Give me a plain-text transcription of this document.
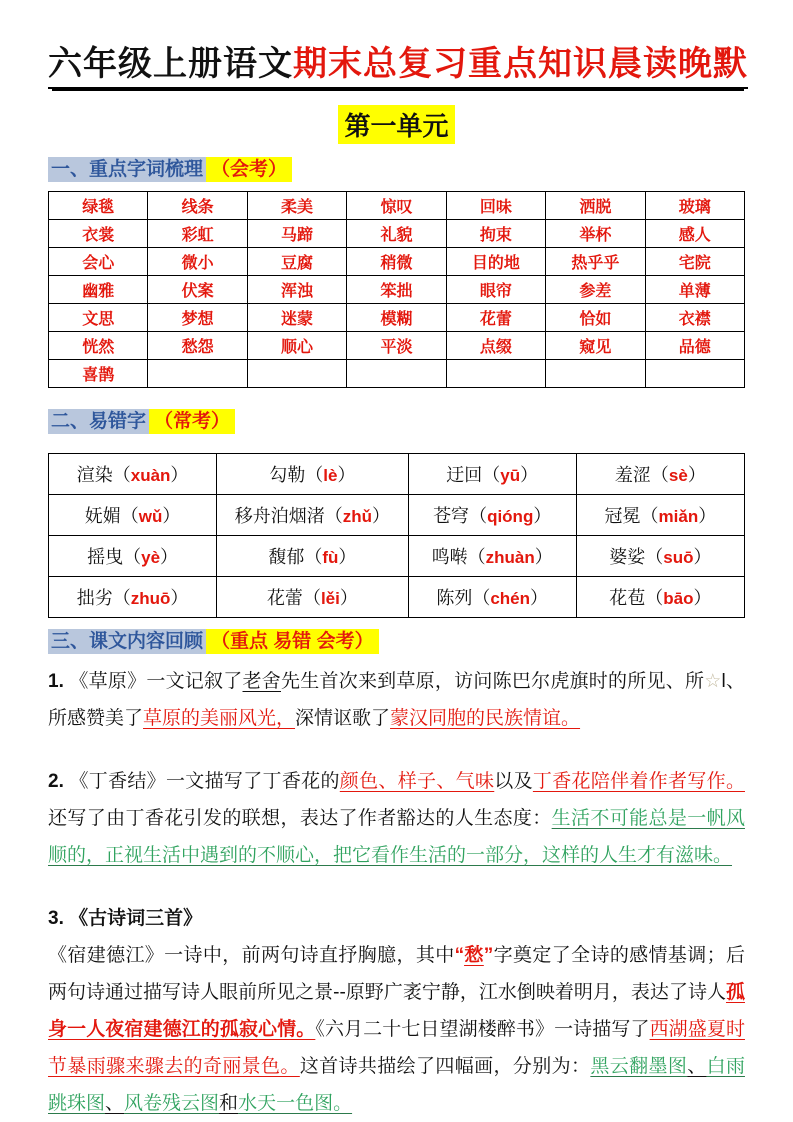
六年级上册语文期末总复习重点知识晨读晚默
第一单元
一、重点字词梳理 （会考）
绿毯	线条	柔美	惊叹	回味	洒脱	玻璃
衣裳	彩虹	马蹄	礼貌	拘束	举杯	感人
会心	微小	豆腐	稍微	目的地	热乎乎	宅院
幽雅	伏案	浑浊	笨拙	眼帘	参差	单薄
文思	梦想	迷蒙	模糊	花蕾	恰如	衣襟
恍然	愁怨	顺心	平淡	点缀	窥见	品德
喜鹊						
二、易错字 （常考）
渲染（xuàn）	勾勒（lè）	迂回（yū）	羞涩（sè）
妩媚（wǔ）	移舟泊烟渚（zhǔ）	苍穹（qióng）	冠冕（miǎn）
摇曳（yè）	馥郁（fù）	鸣啭（zhuàn）	婆娑（suō）
拙劣（zhuō）	花蕾（lěi）	陈列（chén）	花苞（bāo）
三、课文内容回顾 （重点 易错 会考）

1. 《草原》一文记叙了老舍先生首次来到草原，访问陈巴尔虎旗时的所见、所☆l、所感赞美了草原的美丽风光，深情讴歌了蒙汉同胞的民族情谊。

2. 《丁香结》一文描写了丁香花的颜色、样子、气味以及丁香花陪伴着作者写作。还写了由丁香花引发的联想，表达了作者豁达的人生态度：生活不可能总是一帆风顺的，正视生活中遇到的不顺心，把它看作生活的一部分，这样的人生才有滋味。

3. 《古诗词三首》
《宿建德江》一诗中，前两句诗直抒胸臆，其中“愁”字奠定了全诗的感情基调；后两句诗通过描写诗人眼前所见之景--原野广袤宁静，江水倒映着明月，表达了诗人孤身一人夜宿建德江的孤寂心情。《六月二十七日望湖楼醉书》一诗描写了西湖盛夏时节暴雨骤来骤去的奇丽景色。这首诗共描绘了四幅画，分别为：黑云翻墨图、白雨跳珠图、风卷残云图和水天一色图。
